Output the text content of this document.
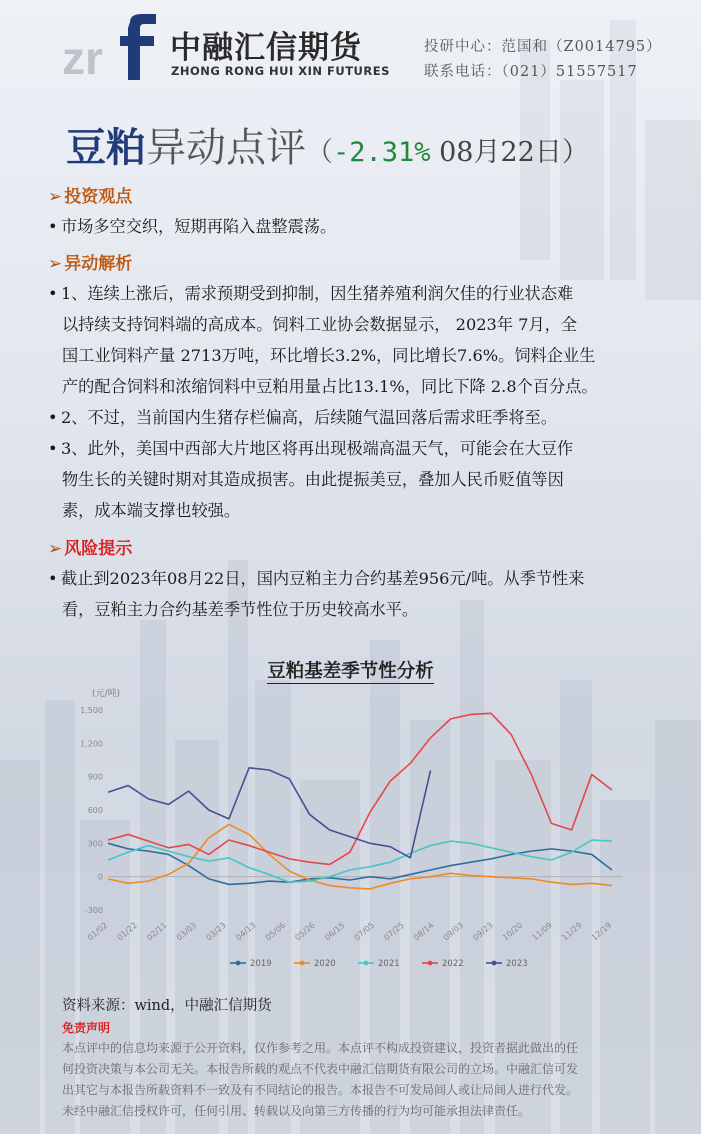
zr 中融汇信期货
ZHONG RONG HUI XIN FUTURES
投研中心：范国和（Z0014795）
联系电话：（021）51557517
豆粕异动点评（-2.31% 08月22日）
➢ 投资观点
• 市场多空交织，短期再陷入盘整震荡。
➢ 异动解析
• 1、连续上涨后，需求预期受到抑制，因生猪养殖利润欠佳的行业状态难
以持续支持饲料端的高成本。饲料工业协会数据显示， 2023年 7月，全
国工业饲料产量 2713万吨，环比增长3.2%，同比增长7.6%。饲料企业生
产的配合饲料和浓缩饲料中豆粕用量占比13.1%，同比下降 2.8个百分点。
• 2、不过，当前国内生猪存栏偏高，后续随气温回落后需求旺季将至。
• 3、此外，美国中西部大片地区将再出现极端高温天气，可能会在大豆作
物生长的关键时期对其造成损害。由此提振美豆，叠加人民币贬值等因
素，成本端支撑也较强。
➢ 风险提示
• 截止到2023年08月22日，国内豆粕主力合约基差956元/吨。从季节性来
看，豆粕主力合约基差季节性位于历史较高水平。
豆粕基差季节性分析
(元/吨)
-300
0
300
600
900
1,200
1,500
01/02 01/22 02/11 03/03 03/23 04/13 05/06 05/26 06/15 07/05 07/25 08/14 09/03 09/23 10/20 11/09 11/29 12/19
2019	2020	2021	2022	2023
资料来源：wind，中融汇信期货
免责声明
本点评中的信息均来源于公开资料，仅作参考之用。本点评不构成投资建议，投资者据此做出的任
何投资决策与本公司无关。本报告所载的观点不代表中融汇信期货有限公司的立场。中融汇信可发
出其它与本报告所载资料不一致及有不同结论的报告。本报告不可发局间人或让局间人进行代发。
未经中融汇信授权许可，任何引用、转载以及向第三方传播的行为均可能承担法律责任。
